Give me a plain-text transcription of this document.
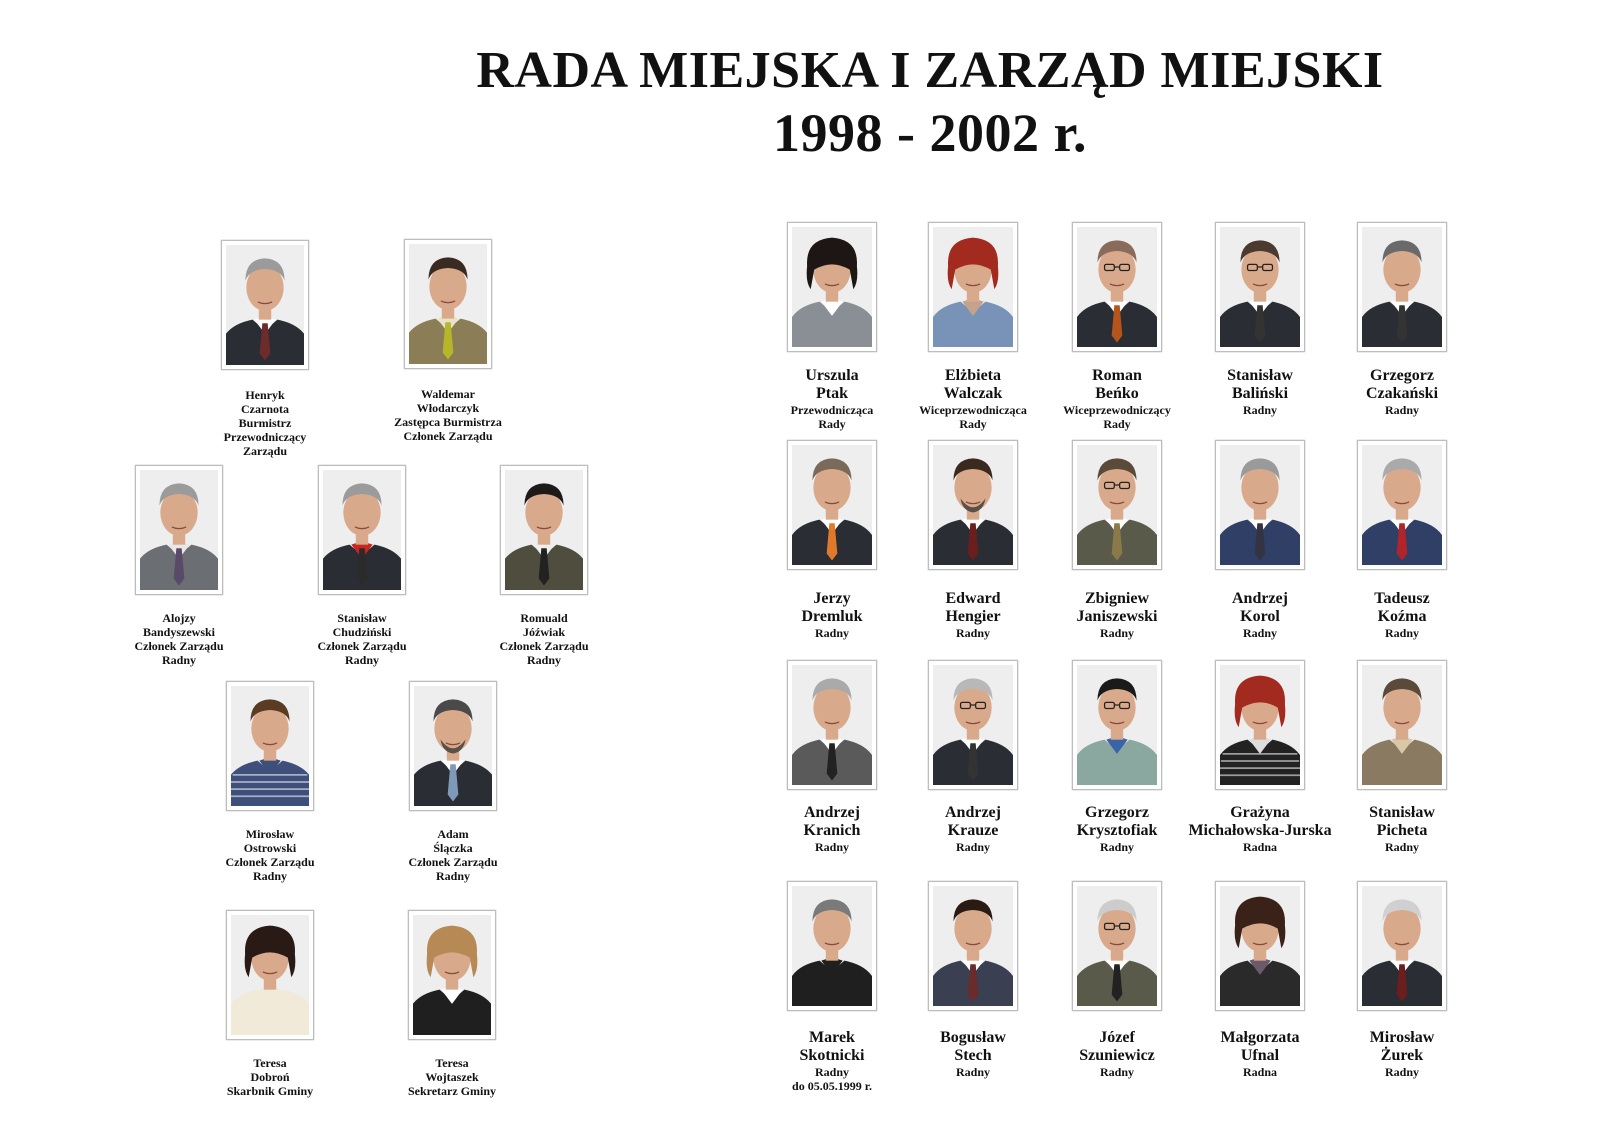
RADA MIEJSKA I ZARZĄD MIEJSKI
1998 - 2002 r.
Henryk
Czarnota
Burmistrz
Przewodniczący
Zarządu
Waldemar
Włodarczyk
Zastępca Burmistrza
Członek Zarządu
Alojzy
Bandyszewski
Członek Zarządu
Radny
Stanisław
Chudziński
Członek Zarządu
Radny
Romuald
Jóźwiak
Członek Zarządu
Radny
Mirosław
Ostrowski
Członek Zarządu
Radny
Adam
Ślączka
Członek Zarządu
Radny
Teresa
Dobroń
Skarbnik Gminy
Teresa
Wojtaszek
Sekretarz Gminy
Urszula
Ptak
Przewodnicząca
Rady
Elżbieta
Walczak
Wiceprzewodnicząca
Rady
Roman
Beńko
Wiceprzewodniczący
Rady
Stanisław
Baliński
Radny
Grzegorz
Czakański
Radny
Jerzy
Dremluk
Radny
Edward
Hengier
Radny
Zbigniew
Janiszewski
Radny
Andrzej
Korol
Radny
Tadeusz
Koźma
Radny
Andrzej
Kranich
Radny
Andrzej
Krauze
Radny
Grzegorz
Krysztofiak
Radny
Grażyna
Michałowska-Jurska
Radna
Stanisław
Picheta
Radny
Marek
Skotnicki
Radny
do 05.05.1999 r.
Bogusław
Stech
Radny
Józef
Szuniewicz
Radny
Małgorzata
Ufnal
Radna
Mirosław
Żurek
Radny
